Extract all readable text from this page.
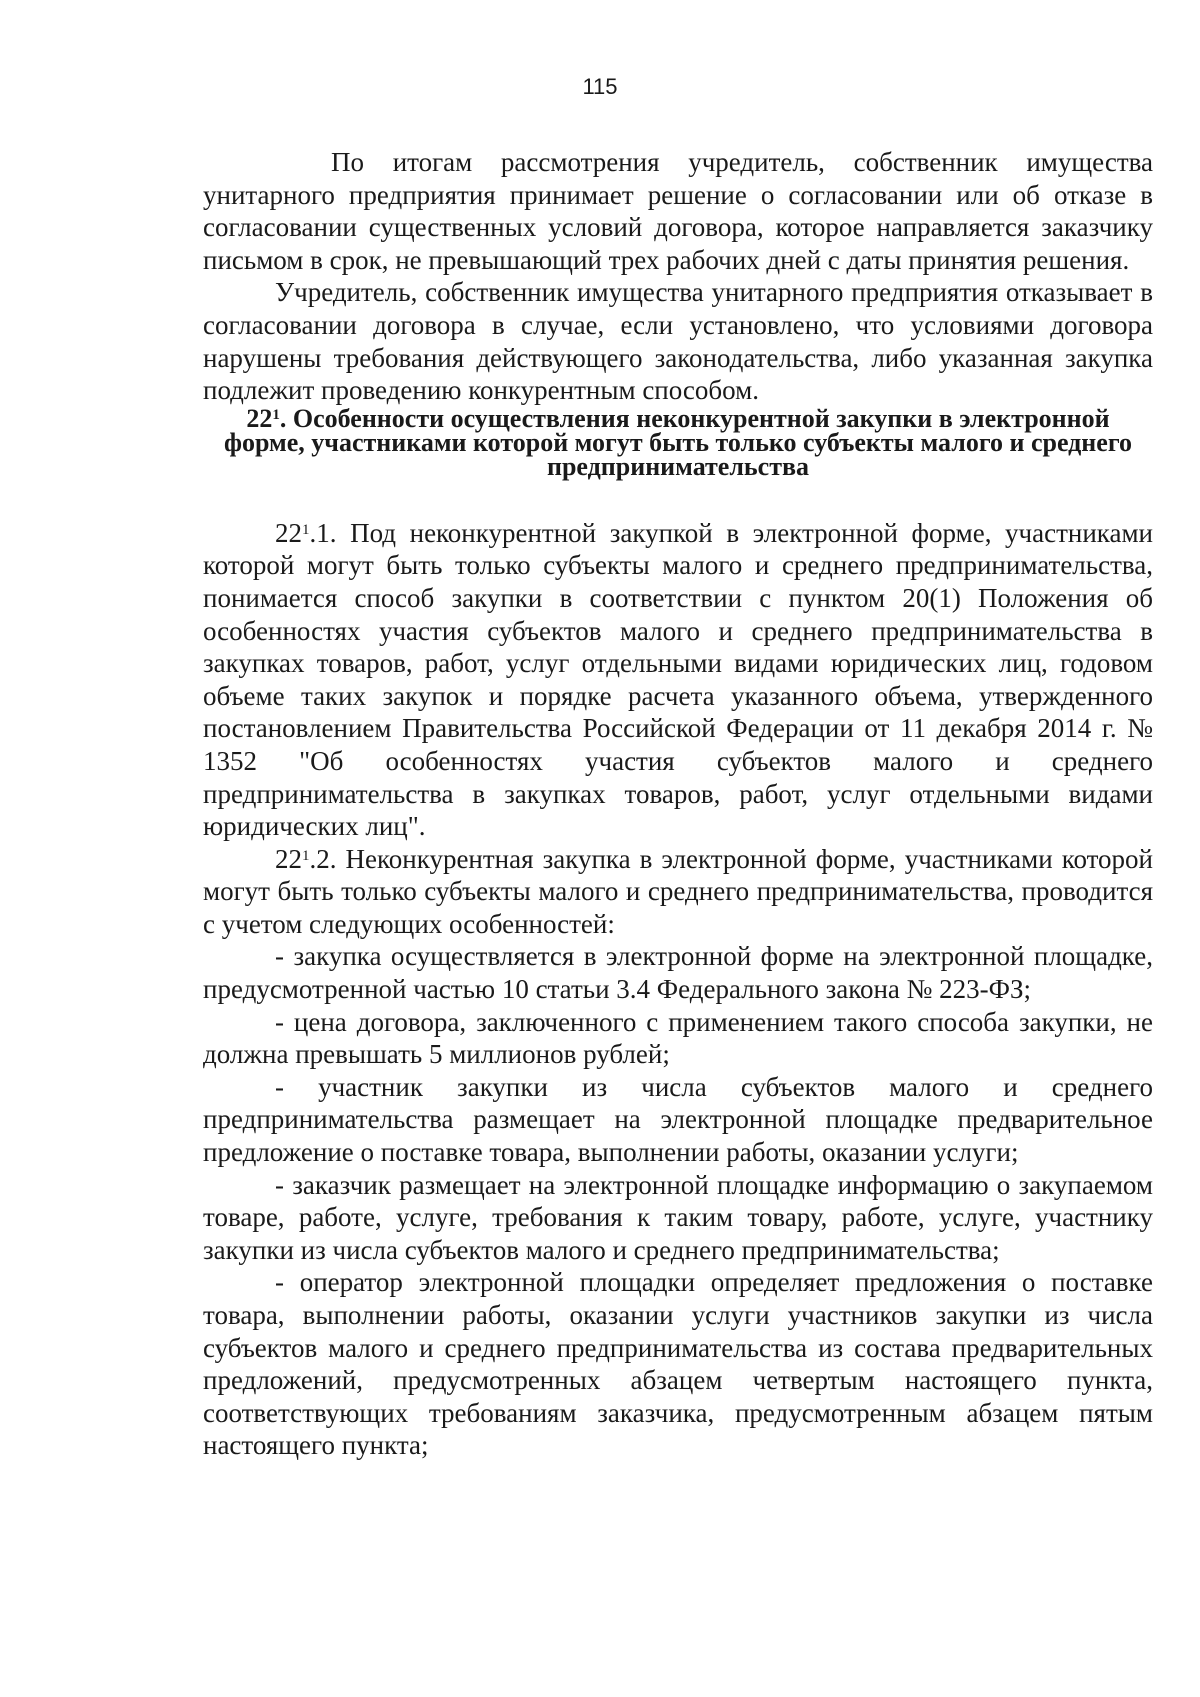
115

По итогам рассмотрения учредитель, собственник имущества унитарного предприятия принимает решение о согласовании или об отказе в согласовании существенных условий договора, которое направляется заказчику письмом в срок, не превышающий трех рабочих дней с даты принятия решения.

Учредитель, собственник имущества унитарного предприятия отказывает в согласовании договора в случае, если установлено, что условиями договора нарушены требования действующего законодательства, либо указанная закупка подлежит проведению конкурентным способом.

$22^1$. Особенности осуществления неконкурентной закупки в электронной форме, участниками которой могут быть только субъекты малого и среднего предпринимательства

$22^1.1$. Под неконкурентной закупкой в электронной форме, участниками которой могут быть только субъекты малого и среднего предпринимательства, понимается способ закупки в соответствии с пунктом 20(1) Положения об особенностях участия субъектов малого и среднего предпринимательства в закупках товаров, работ, услуг отдельными видами юридических лиц, годовом объеме таких закупок и порядке расчета указанного объема, утвержденного постановлением Правительства Российской Федерации от 11 декабря 2014 г. № 1352 "Об особенностях участия субъектов малого и среднего предпринимательства в закупках товаров, работ, услуг отдельными видами юридических лиц".

$22^1.2$. Неконкурентная закупка в электронной форме, участниками которой могут быть только субъекты малого и среднего предпринимательства, проводится с учетом следующих особенностей:

- закупка осуществляется в электронной форме на электронной площадке, предусмотренной частью 10 статьи 3.4 Федерального закона № 223-ФЗ;

- цена договора, заключенного с применением такого способа закупки, не должна превышать 5 миллионов рублей;

- участник закупки из числа субъектов малого и среднего предпринимательства размещает на электронной площадке предварительное предложение о поставке товара, выполнении работы, оказании услуги;

- заказчик размещает на электронной площадке информацию о закупаемом товаре, работе, услуге, требования к таким товару, работе, услуге, участнику закупки из числа субъектов малого и среднего предпринимательства;

- оператор электронной площадки определяет предложения о поставке товара, выполнении работы, оказании услуги участников закупки из числа субъектов малого и среднего предпринимательства из состава предварительных предложений, предусмотренных абзацем четвертым настоящего пункта, соответствующих требованиям заказчика, предусмотренным абзацем пятым настоящего пункта;
